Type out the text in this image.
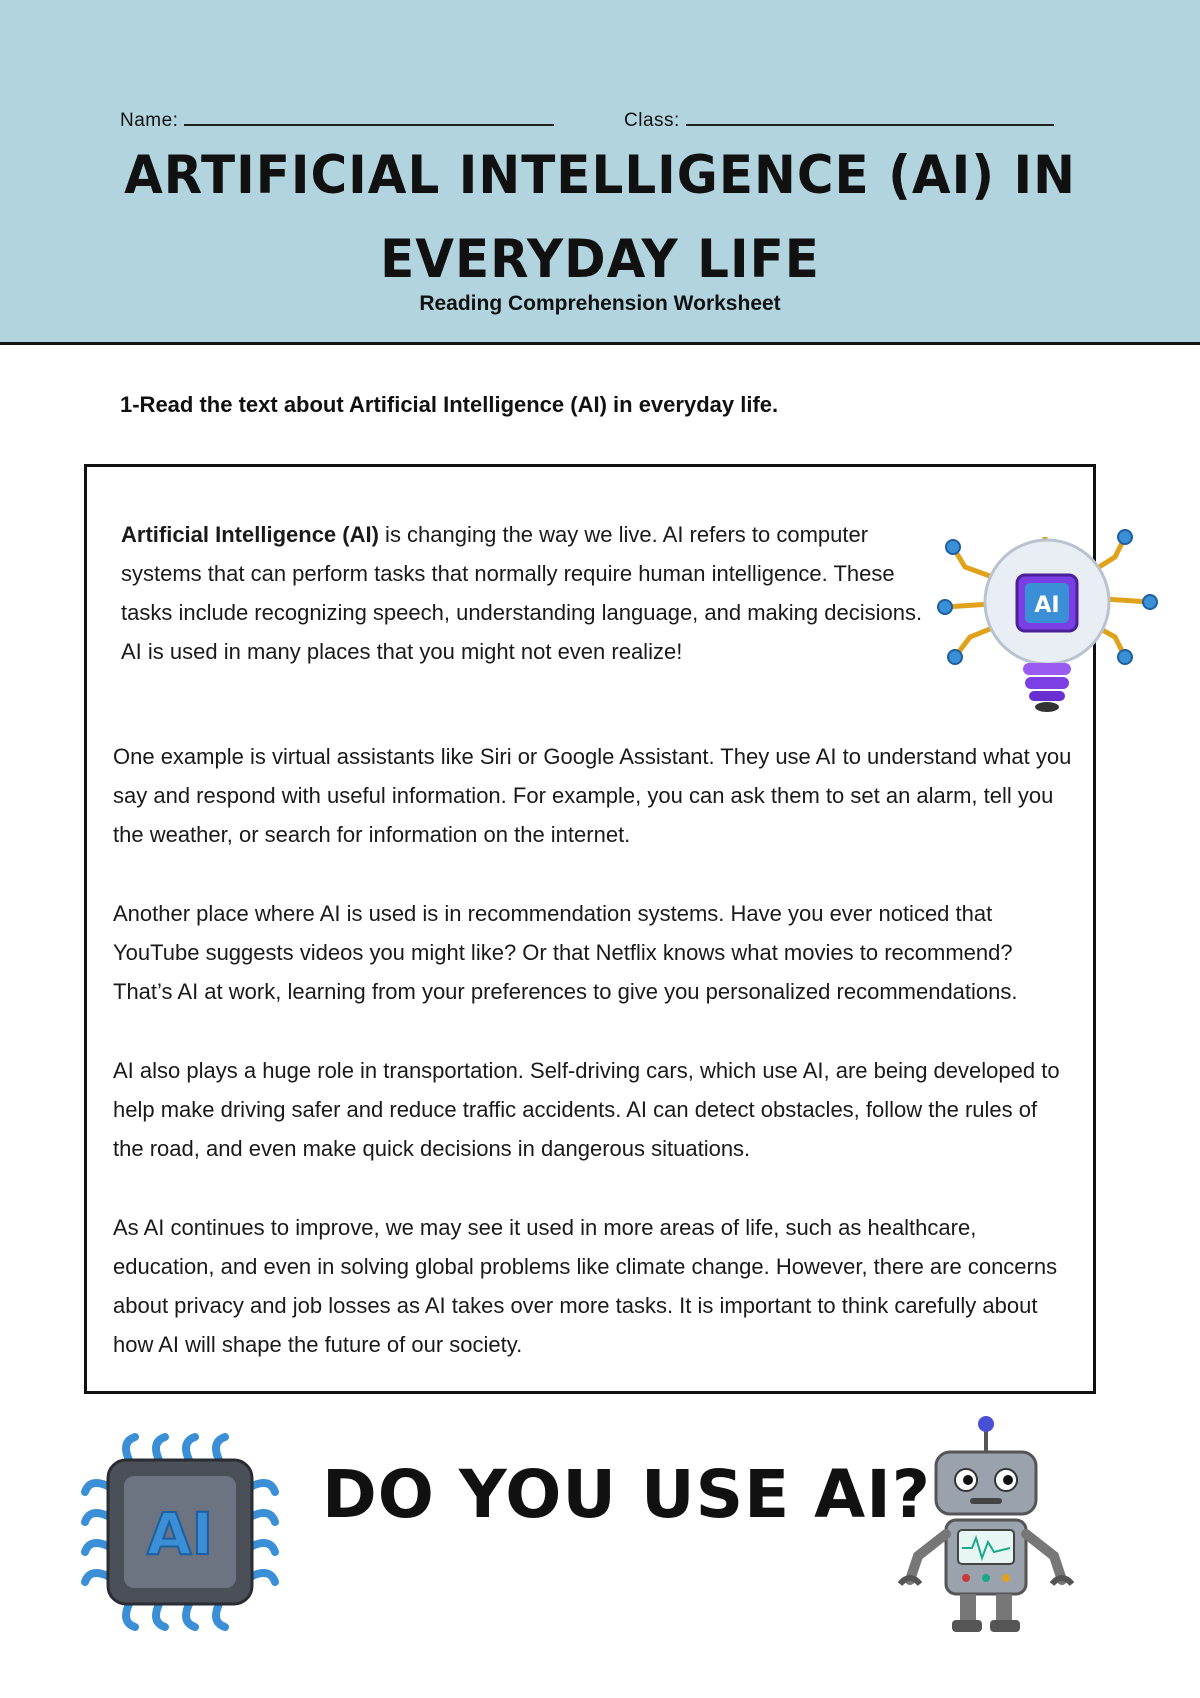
Name:	Class:
ARTIFICIAL INTELLIGENCE (AI) IN
EVERYDAY LIFE
Reading Comprehension Worksheet
1-Read the text about Artificial Intelligence (AI) in everyday life.

Artificial Intelligence (AI) is changing the way we live. AI refers to computer systems that can perform tasks that normally require human intelligence. These tasks include recognizing speech, understanding language, and making decisions. AI is used in many places that you might not even realize!

AI

One example is virtual assistants like Siri or Google Assistant. They use AI to understand what you say and respond with useful information. For example, you can ask them to set an alarm, tell you the weather, or search for information on the internet.

Another place where AI is used is in recommendation systems. Have you ever noticed that YouTube suggests videos you might like? Or that Netflix knows what movies to recommend? That’s AI at work, learning from your preferences to give you personalized recommendations.

AI also plays a huge role in transportation. Self-driving cars, which use AI, are being developed to help make driving safer and reduce traffic accidents. AI can detect obstacles, follow the rules of the road, and even make quick decisions in dangerous situations.

As AI continues to improve, we may see it used in more areas of life, such as healthcare, education, and even in solving global problems like climate change. However, there are concerns about privacy and job losses as AI takes over more tasks. It is important to think carefully about how AI will shape the future of our society.

AI
DO YOU USE AI?
